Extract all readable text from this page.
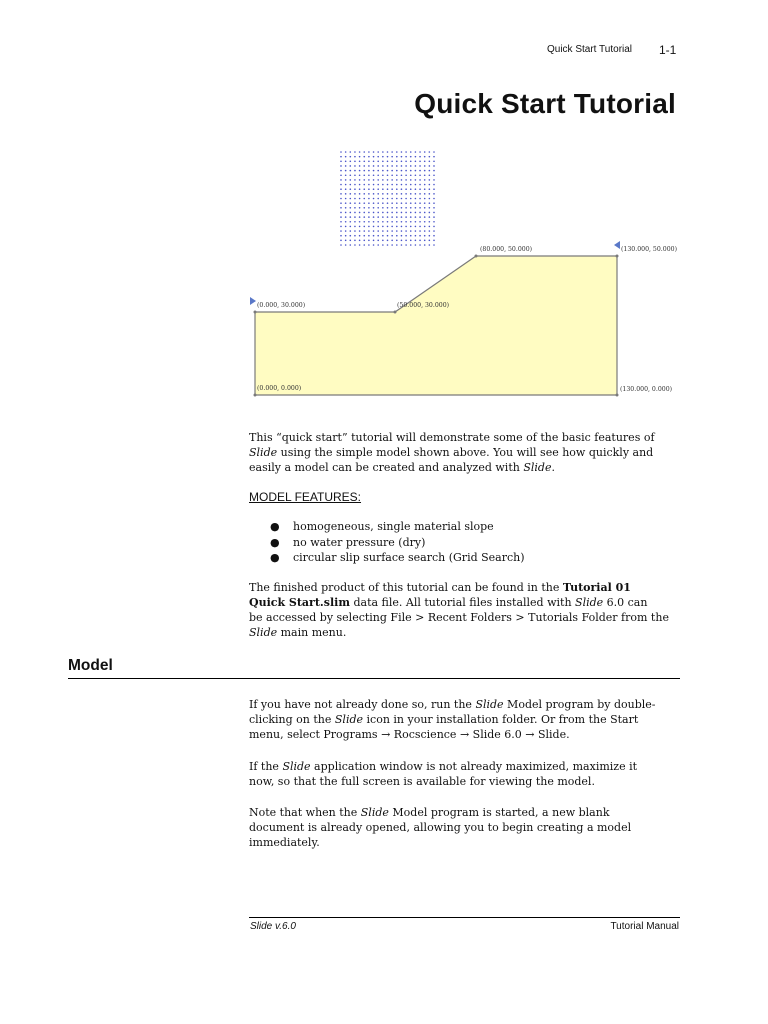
Quick Start Tutorial 1-1
Quick Start Tutorial
(0.000, 30.000)	(50.000, 30.000)
(80.000, 50.000)	(130.000, 50.000)
(0.000, 0.000)	(130.000, 0.000)
This “quick start” tutorial will demonstrate some of the basic features of
Slide using the simple model shown above. You will see how quickly and
easily a model can be created and analyzed with Slide.
MODEL FEATURES:
● homogeneous, single material slope
● no water pressure (dry)
● circular slip surface search (Grid Search)
The finished product of this tutorial can be found in the Tutorial 01
Quick Start.slim data file. All tutorial files installed with Slide 6.0 can
be accessed by selecting File > Recent Folders > Tutorials Folder from the
Slide main menu.
Model
If you have not already done so, run the Slide Model program by double-
clicking on the Slide icon in your installation folder. Or from the Start
menu, select Programs → Rocscience → Slide 6.0 → Slide.
If the Slide application window is not already maximized, maximize it
now, so that the full screen is available for viewing the model.
Note that when the Slide Model program is started, a new blank
document is already opened, allowing you to begin creating a model
immediately.
Slide v.6.0	Tutorial Manual
